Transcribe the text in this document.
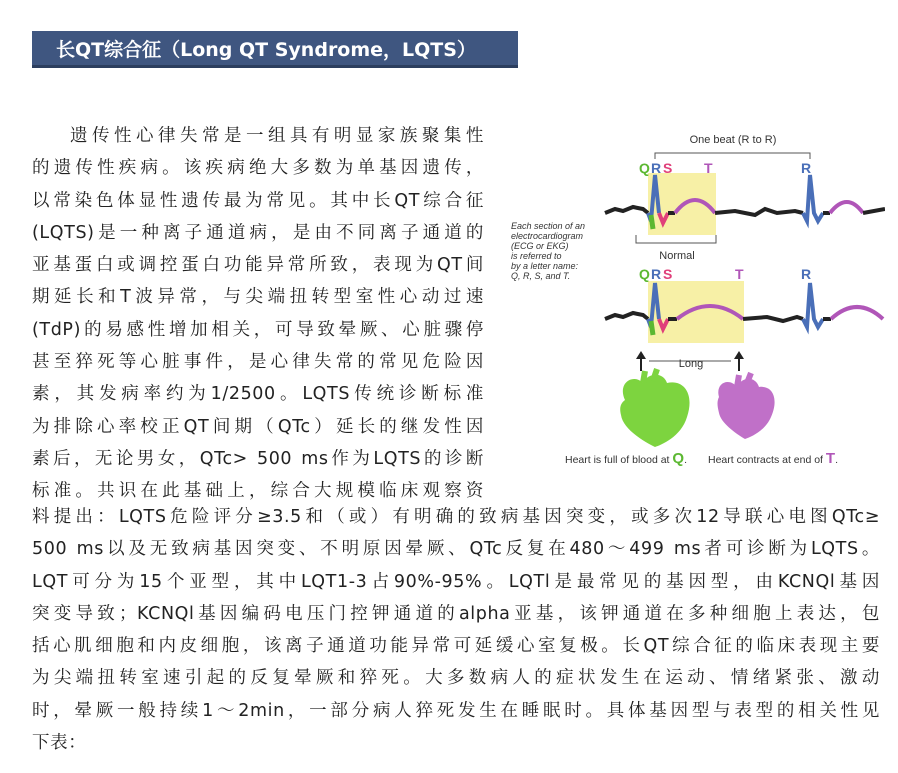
长QT综合征（Long QT Syndrome，LQTS）
遗传性心律失常是一组具有明显家族聚集性
的遗传性疾病。该疾病绝大多数为单基因遗传，
以常染色体显性遗传最为常见。其中长QT综合征
(LQTS)是一种离子通道病，是由不同离子通道的
亚基蛋白或调控蛋白功能异常所致，表现为QT间
期延长和T波异常，与尖端扭转型室性心动过速
(TdP)的易感性增加相关，可导致晕厥、心脏骤停
甚至猝死等心脏事件，是心律失常的常见危险因
素，其发病率约为1/2500。LQTS传统诊断标准
为排除心率校正QT间期（QTc）延长的继发性因
素后，无论男女，QTc> 500 ms作为LQTS的诊断
标准。共识在此基础上，综合大规模临床观察资
料提出：LQTS危险评分≥3.5和（或）有明确的致病基因突变，或多次12导联心电图QTc≥
500 ms以及无致病基因突变、不明原因晕厥、QTc反复在480～499 ms者可诊断为LQTS。
LQT可分为15个亚型，其中LQT1-3占90%-95%。LQTl是最常见的基因型，由KCNQl基因
突变导致；KCNQl基因编码电压门控钾通道的alpha亚基，该钾通道在多种细胞上表达，包
括心肌细胞和内皮细胞，该离子通道功能异常可延缓心室复极。长QT综合征的临床表现主要
为尖端扭转室速引起的反复晕厥和猝死。大多数病人的症状发生在运动、情绪紧张、激动
时，晕厥一般持续1～2min，一部分病人猝死发生在睡眠时。具体基因型与表型的相关性见
下表：
One beat (R to R)
Q R S T	R
Normal
Each section of an
electrocardiogram
(ECG or EKG)
is referred to
by a letter name:
Q, R, S, and T.	Q R S	T	R
Long
Heart is full of blood at Q. Heart contracts at end of T.
